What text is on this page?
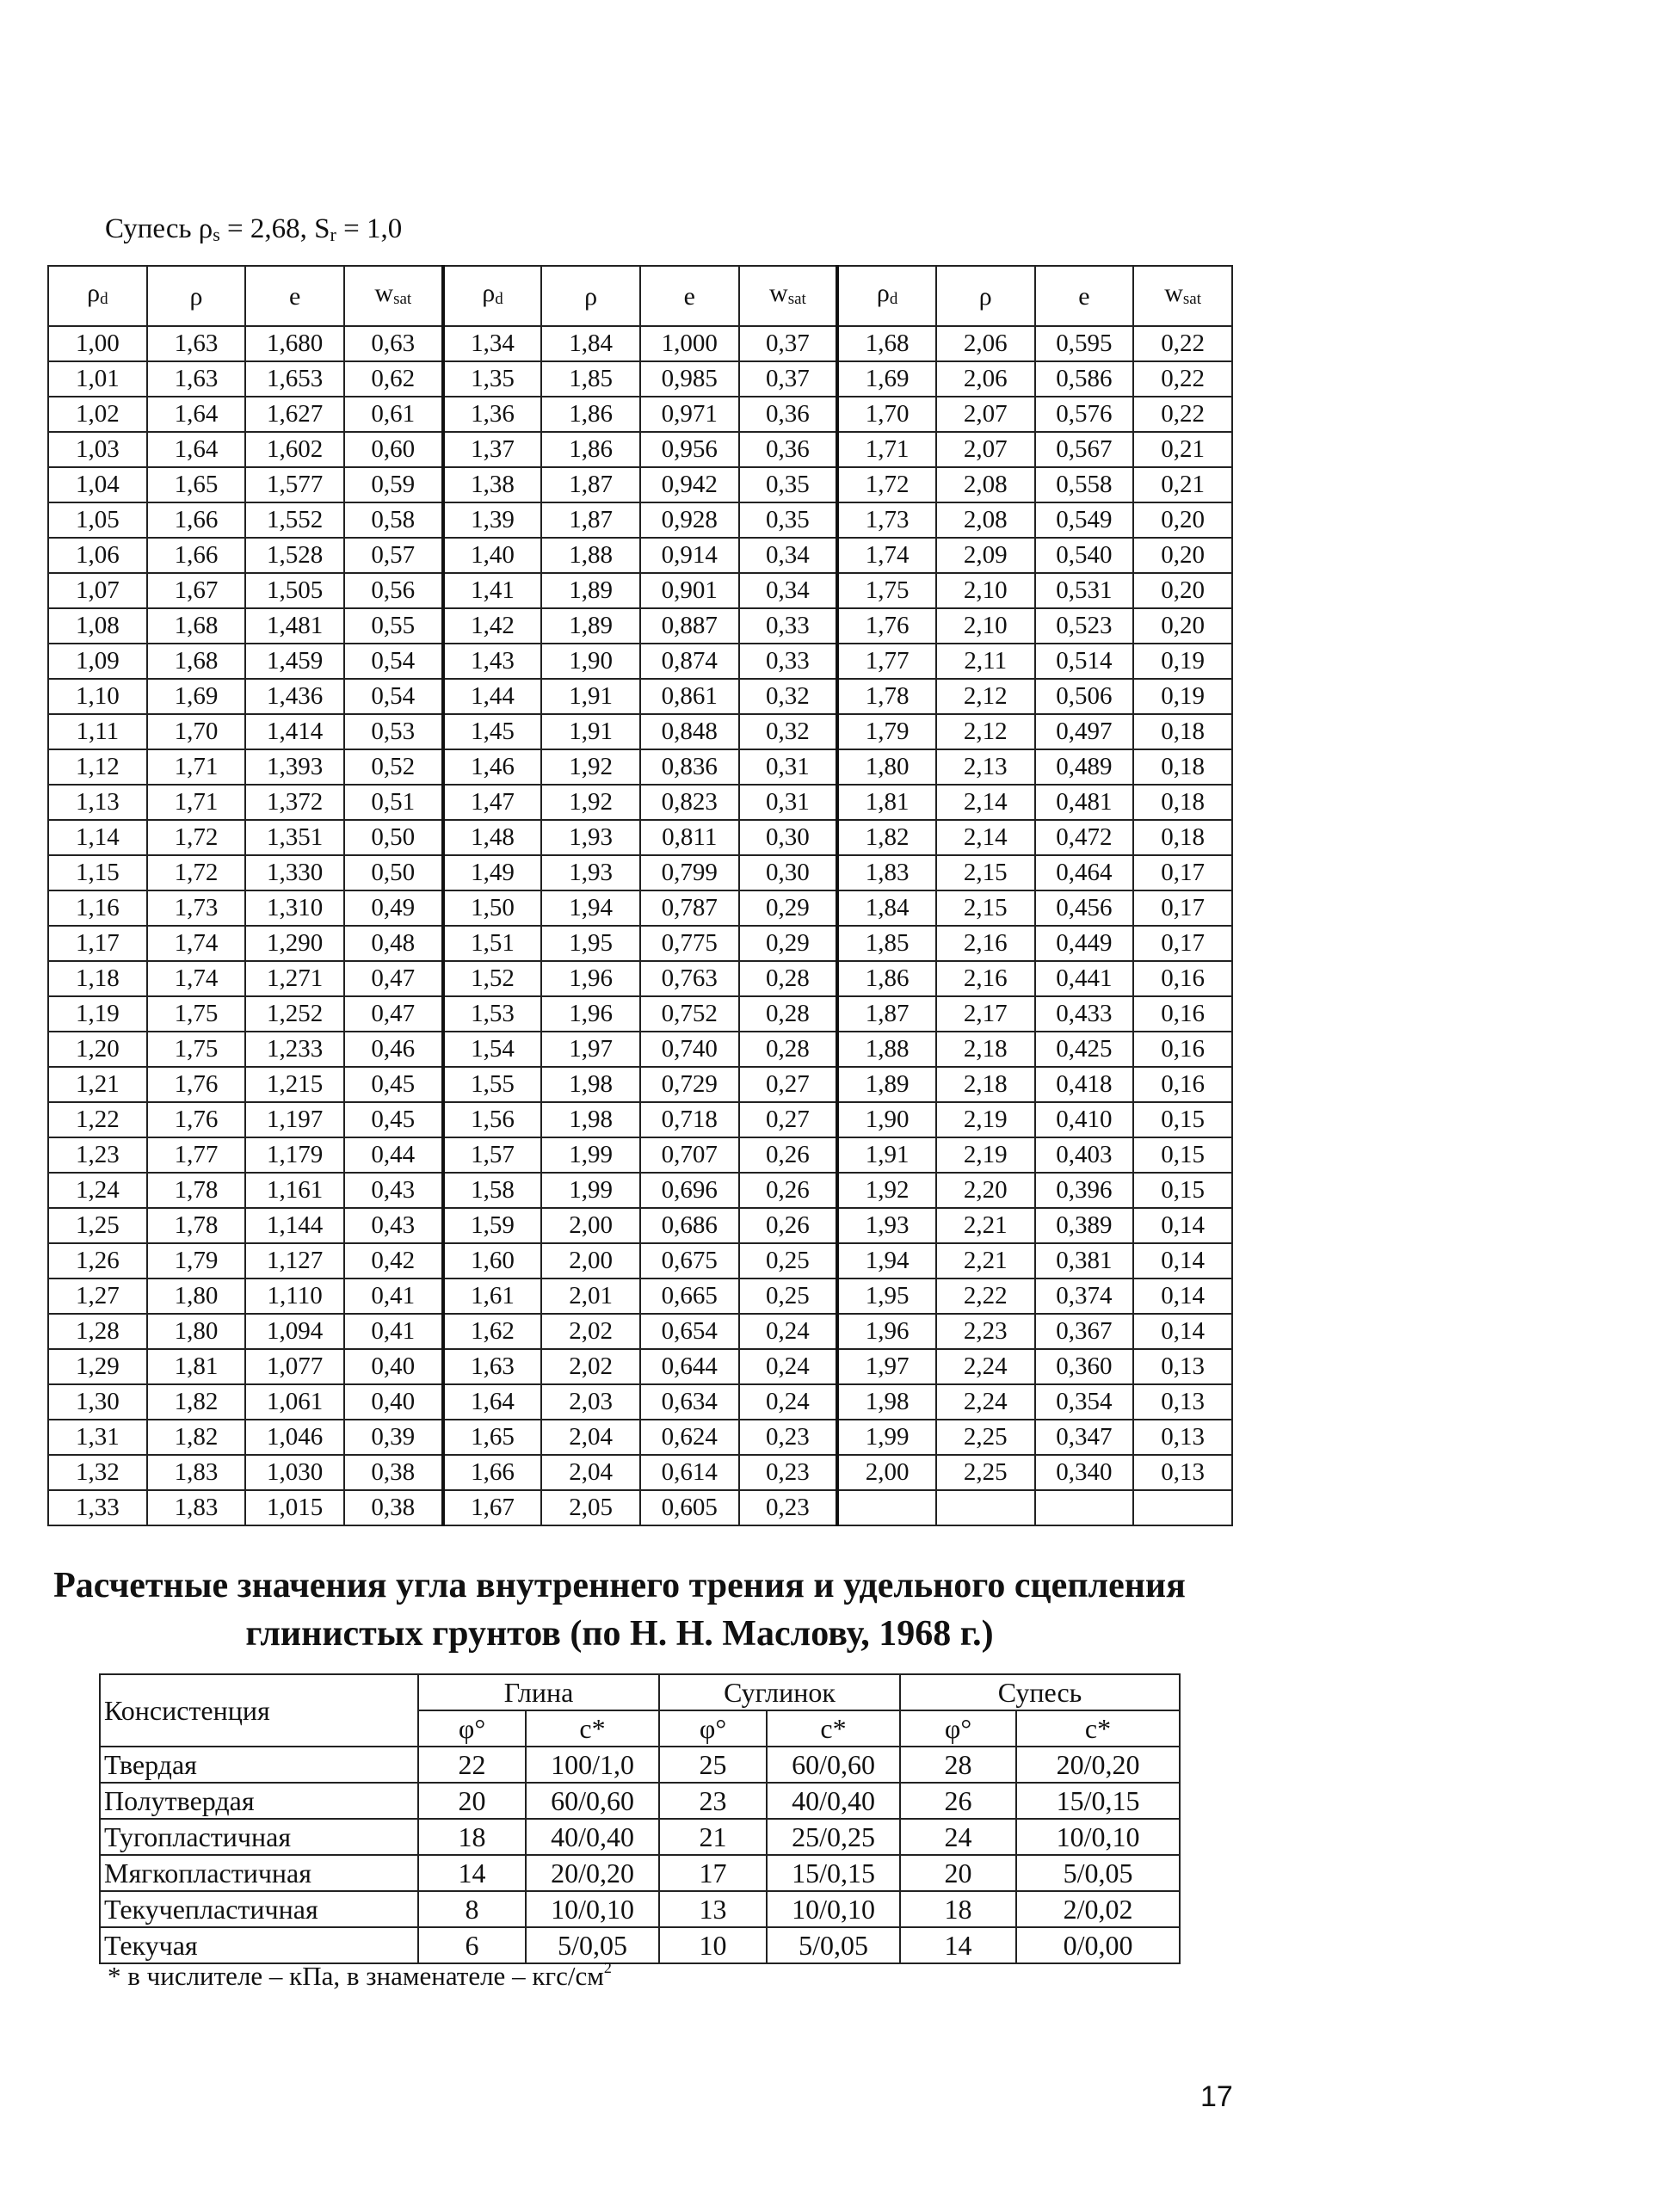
Супесь $\rho_s = 2,68$, $S_r = 1,0$
$\rho_d$	ρ	e	$w_{sat}$	$\rho_d$	ρ	e	$w_{sat}$	$\rho_d$	ρ	e	$w_{sat}$
1,00	1,63	1,680	0,63	1,34	1,84	1,000	0,37	1,68	2,06	0,595	0,22
1,01	1,63	1,653	0,62	1,35	1,85	0,985	0,37	1,69	2,06	0,586	0,22
1,02	1,64	1,627	0,61	1,36	1,86	0,971	0,36	1,70	2,07	0,576	0,22
1,03	1,64	1,602	0,60	1,37	1,86	0,956	0,36	1,71	2,07	0,567	0,21
1,04	1,65	1,577	0,59	1,38	1,87	0,942	0,35	1,72	2,08	0,558	0,21
1,05	1,66	1,552	0,58	1,39	1,87	0,928	0,35	1,73	2,08	0,549	0,20
1,06	1,66	1,528	0,57	1,40	1,88	0,914	0,34	1,74	2,09	0,540	0,20
1,07	1,67	1,505	0,56	1,41	1,89	0,901	0,34	1,75	2,10	0,531	0,20
1,08	1,68	1,481	0,55	1,42	1,89	0,887	0,33	1,76	2,10	0,523	0,20
1,09	1,68	1,459	0,54	1,43	1,90	0,874	0,33	1,77	2,11	0,514	0,19
1,10	1,69	1,436	0,54	1,44	1,91	0,861	0,32	1,78	2,12	0,506	0,19
1,11	1,70	1,414	0,53	1,45	1,91	0,848	0,32	1,79	2,12	0,497	0,18
1,12	1,71	1,393	0,52	1,46	1,92	0,836	0,31	1,80	2,13	0,489	0,18
1,13	1,71	1,372	0,51	1,47	1,92	0,823	0,31	1,81	2,14	0,481	0,18
1,14	1,72	1,351	0,50	1,48	1,93	0,811	0,30	1,82	2,14	0,472	0,18
1,15	1,72	1,330	0,50	1,49	1,93	0,799	0,30	1,83	2,15	0,464	0,17
1,16	1,73	1,310	0,49	1,50	1,94	0,787	0,29	1,84	2,15	0,456	0,17
1,17	1,74	1,290	0,48	1,51	1,95	0,775	0,29	1,85	2,16	0,449	0,17
1,18	1,74	1,271	0,47	1,52	1,96	0,763	0,28	1,86	2,16	0,441	0,16
1,19	1,75	1,252	0,47	1,53	1,96	0,752	0,28	1,87	2,17	0,433	0,16
1,20	1,75	1,233	0,46	1,54	1,97	0,740	0,28	1,88	2,18	0,425	0,16
1,21	1,76	1,215	0,45	1,55	1,98	0,729	0,27	1,89	2,18	0,418	0,16
1,22	1,76	1,197	0,45	1,56	1,98	0,718	0,27	1,90	2,19	0,410	0,15
1,23	1,77	1,179	0,44	1,57	1,99	0,707	0,26	1,91	2,19	0,403	0,15
1,24	1,78	1,161	0,43	1,58	1,99	0,696	0,26	1,92	2,20	0,396	0,15
1,25	1,78	1,144	0,43	1,59	2,00	0,686	0,26	1,93	2,21	0,389	0,14
1,26	1,79	1,127	0,42	1,60	2,00	0,675	0,25	1,94	2,21	0,381	0,14
1,27	1,80	1,110	0,41	1,61	2,01	0,665	0,25	1,95	2,22	0,374	0,14
1,28	1,80	1,094	0,41	1,62	2,02	0,654	0,24	1,96	2,23	0,367	0,14
1,29	1,81	1,077	0,40	1,63	2,02	0,644	0,24	1,97	2,24	0,360	0,13
1,30	1,82	1,061	0,40	1,64	2,03	0,634	0,24	1,98	2,24	0,354	0,13
1,31	1,82	1,046	0,39	1,65	2,04	0,624	0,23	1,99	2,25	0,347	0,13
1,32	1,83	1,030	0,38	1,66	2,04	0,614	0,23	2,00	2,25	0,340	0,13
1,33	1,83	1,015	0,38	1,67	2,05	0,605	0,23				
Расчетные значения угла внутреннего трения и удельного сцепления
глинистых грунтов (по Н. Н. Маслову, 1968 г.)
Консистенция	Глина		Суглинок		Супесь	
	φ°	c*	φ°	c*	φ°	c*
Твердая	22	100/1,0	25	60/0,60	28	20/0,20
Полутвердая	20	60/0,60	23	40/0,40	26	15/0,15
Тугопластичная	18	40/0,40	21	25/0,25	24	10/0,10
Мягкопластичная	14	20/0,20	17	15/0,15	20	5/0,05
Текучепластичная	8	10/0,10	13	10/0,10	18	2/0,02
Текучая	6	5/0,05	10	5/0,05	14	0/0,00
* в числителе – кПа, в знаменателе – кгс/$см^2$
17
